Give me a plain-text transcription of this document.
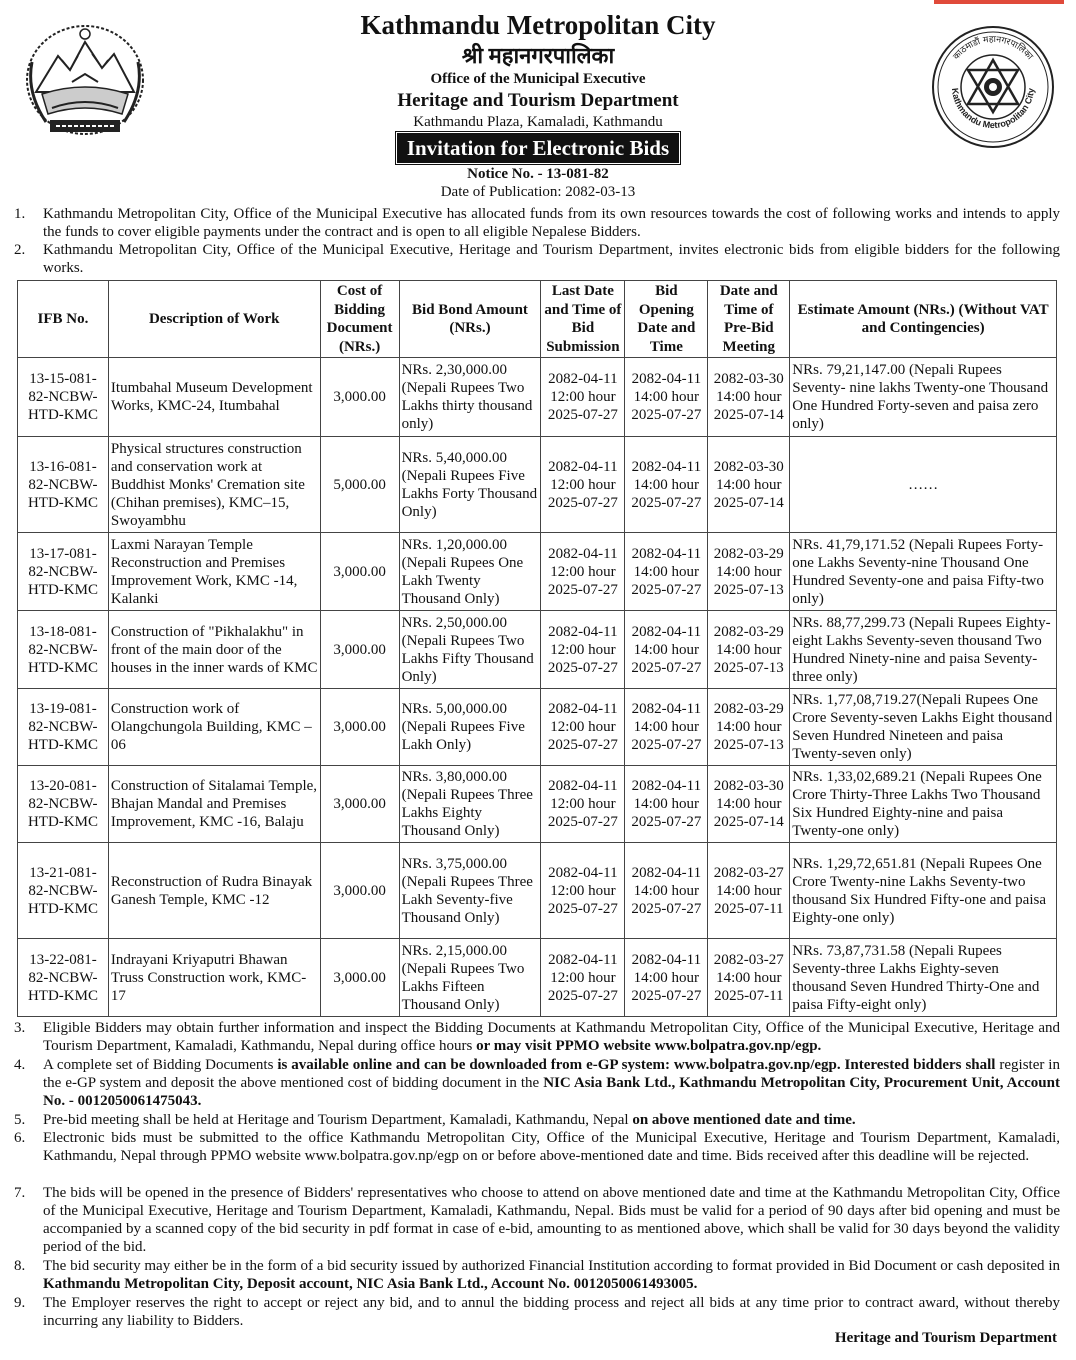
Kathmandu Metropolitan City
श्री महानगरपालिका
Office of the Municipal Executive
Heritage and Tourism Department
Kathmandu Plaza, Kamaladi, Kathmandu
Invitation for Electronic Bids
Notice No. - 13-081-82
Date of Publication: 2082-03-13
काठमाडौं महानगरपालिका
Kathmandu Metropolitan City
1.	Kathmandu Metropolitan City, Office of the Municipal Executive has allocated funds from its own resources towards the cost of following works and intends to apply the funds to cover eligible payments under the contract and is open to all eligible Nepalese Bidders.
2.	Kathmandu Metropolitan City, Office of the Municipal Executive, Heritage and Tourism Department, invites electronic bids from eligible bidders for the following works.
IFB No.	Description of Work	Cost of Bidding Document (NRs.)	Bid Bond Amount (NRs.)	Last Date and Time of Bid Submission	Bid Opening Date and Time	Date and Time of Pre-Bid Meeting	Estimate Amount (NRs.) (Without VAT and Contingencies)
13-15-081-82-NCBW-HTD-KMC	Itumbahal Museum Development Works, KMC-24, Itumbahal	3,000.00	NRs. 2,30,000.00 (Nepali Rupees Two Lakhs thirty thousand only)	2082-04-11 12:00 hour 2025-07-27	2082-04-11 14:00 hour 2025-07-27	2082-03-30 14:00 hour 2025-07-14	NRs. 79,21,147.00 (Nepali Rupees Seventy- nine lakhs Twenty-one Thousand One Hundred Forty-seven and paisa zero only)
13-16-081-82-NCBW-HTD-KMC	Physical structures construction and conservation work at Buddhist Monks' Cremation site (Chihan premises), KMC–15, Swoyambhu	5,000.00	NRs. 5,40,000.00 (Nepali Rupees Five Lakhs Forty Thousand Only)	2082-04-11 12:00 hour 2025-07-27	2082-04-11 14:00 hour 2025-07-27	2082-03-30 14:00 hour 2025-07-14	……
13-17-081-82-NCBW-HTD-KMC	Laxmi Narayan Temple Reconstruction and Premises Improvement Work, KMC -14, Kalanki	3,000.00	NRs. 1,20,000.00 (Nepali Rupees One Lakh Twenty Thousand Only)	2082-04-11 12:00 hour 2025-07-27	2082-04-11 14:00 hour 2025-07-27	2082-03-29 14:00 hour 2025-07-13	NRs. 41,79,171.52 (Nepali Rupees Forty-one Lakhs Seventy-nine Thousand One Hundred Seventy-one and paisa Fifty-two only)
13-18-081-82-NCBW-HTD-KMC	Construction of "Pikhalakhu" in front of the main door of the houses in the inner wards of KMC	3,000.00	NRs. 2,50,000.00 (Nepali Rupees Two Lakhs Fifty Thousand Only)	2082-04-11 12:00 hour 2025-07-27	2082-04-11 14:00 hour 2025-07-27	2082-03-29 14:00 hour 2025-07-13	NRs. 88,77,299.73 (Nepali Rupees Eighty-eight Lakhs Seventy-seven thousand Two Hundred Ninety-nine and paisa Seventy-three only)
13-19-081-82-NCBW-HTD-KMC	Construction work of Olangchungola Building, KMC – 06	3,000.00	NRs. 5,00,000.00 (Nepali Rupees Five Lakh Only)	2082-04-11 12:00 hour 2025-07-27	2082-04-11 14:00 hour 2025-07-27	2082-03-29 14:00 hour 2025-07-13	NRs. 1,77,08,719.27(Nepali Rupees One Crore Seventy-seven Lakhs Eight thousand Seven Hundred Nineteen and paisa Twenty-seven only)
13-20-081-82-NCBW-HTD-KMC	Construction of Sitalamai Temple, Bhajan Mandal and Premises Improvement, KMC -16, Balaju	3,000.00	NRs. 3,80,000.00 (Nepali Rupees Three Lakhs Eighty Thousand Only)	2082-04-11 12:00 hour 2025-07-27	2082-04-11 14:00 hour 2025-07-27	2082-03-30 14:00 hour 2025-07-14	NRs. 1,33,02,689.21 (Nepali Rupees One Crore Thirty-Three Lakhs Two Thousand Six Hundred Eighty-nine and paisa Twenty-one only)
13-21-081-82-NCBW-HTD-KMC	Reconstruction of Rudra Binayak Ganesh Temple, KMC -12	3,000.00	NRs. 3,75,000.00 (Nepali Rupees Three Lakh Seventy-five Thousand Only)	2082-04-11 12:00 hour 2025-07-27	2082-04-11 14:00 hour 2025-07-27	2082-03-27 14:00 hour 2025-07-11	NRs. 1,29,72,651.81 (Nepali Rupees One Crore Twenty-nine Lakhs Seventy-two thousand Six Hundred Fifty-one and paisa Eighty-one only)
13-22-081-82-NCBW-HTD-KMC	Indrayani Kriyaputri Bhawan Truss Construction work, KMC-17	3,000.00	NRs. 2,15,000.00 (Nepali Rupees Two Lakhs Fifteen Thousand Only)	2082-04-11 12:00 hour 2025-07-27	2082-04-11 14:00 hour 2025-07-27	2082-03-27 14:00 hour 2025-07-11	NRs. 73,87,731.58 (Nepali Rupees Seventy-three Lakhs Eighty-seven thousand Seven Hundred Thirty-One and paisa Fifty-eight only)
3.	Eligible Bidders may obtain further information and inspect the Bidding Documents at Kathmandu Metropolitan City, Office of the Municipal Executive, Heritage and Tourism Department, Kamaladi, Kathmandu, Nepal during office hours or may visit PPMO website www.bolpatra.gov.np/egp.
4.	A complete set of Bidding Documents is available online and can be downloaded from e-GP system: www.bolpatra.gov.np/egp. Interested bidders shall register in the e-GP system and deposit the above mentioned cost of bidding document in the NIC Asia Bank Ltd., Kathmandu Metropolitan City, Procurement Unit, Account No. - 0012050061475043.
5.	Pre-bid meeting shall be held at Heritage and Tourism Department, Kamaladi, Kathmandu, Nepal on above mentioned date and time.
6.	Electronic bids must be submitted to the office Kathmandu Metropolitan City, Office of the Municipal Executive, Heritage and Tourism Department, Kamaladi, Kathmandu, Nepal through PPMO website www.bolpatra.gov.np/egp on or before above-mentioned date and time. Bids received after this deadline will be rejected.
7.	The bids will be opened in the presence of Bidders' representatives who choose to attend on above mentioned date and time at the Kathmandu Metropolitan City, Office of the Municipal Executive, Heritage and Tourism Department, Kamaladi, Kathmandu, Nepal. Bids must be valid for a period of 90 days after bid opening and must be accompanied by a scanned copy of the bid security in pdf format in case of e-bid, amounting to as mentioned above, which shall be valid for 30 days beyond the validity period of the bid.
8.	The bid security may either be in the form of a bid security issued by authorized Financial Institution according to format provided in Bid Document or cash deposited in Kathmandu Metropolitan City, Deposit account, NIC Asia Bank Ltd., Account No. 0012050061493005.
9.	The Employer reserves the right to accept or reject any bid, and to annul the bidding process and reject all bids at any time prior to contract award, without thereby incurring any liability to Bidders.
Heritage and Tourism Department
